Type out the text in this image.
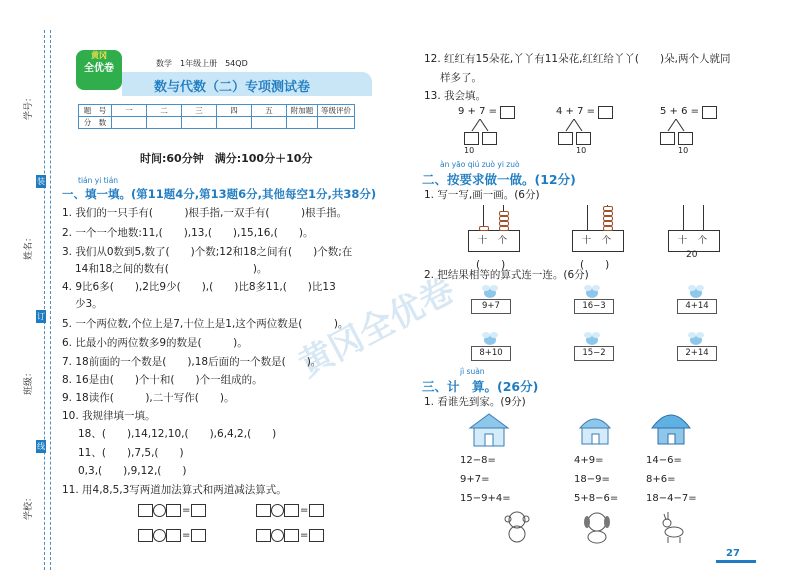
学号：
姓名：
班级：
学校：
装
订
线
黄冈
全优卷	数学　1年级上册　54QD
数与代数（二）专项测试卷
题　号	一	二	三	四	五	附加题	等级评价
分　数							
时间:60分钟　满分:100分＋10分
黄冈全优卷
tián yi tián
一、填一填。(第11题4分,第13题6分,其他每空1分,共38分)
1. 我们的一只手有(　　　)根手指,一双手有(　　　)根手指。
2. 一个一个地数:11,(　　),13,(　　),15,16,(　　)。
3. 我们从0数到5,数了(　　)个数;12和18之间有(　　)个数;在
14和18之间的数有(　　　　　　　　)。
4. 9比6多(　　),2比9少(　　),(　　)比8多11,(　　)比13
少3。
5. 一个两位数,个位上是7,十位上是1,这个两位数是(　　　)。
6. 比最小的两位数多9的数是(　　　)。
7. 18前面的一个数是(　　),18后面的一个数是(　　)。
8. 16是由(　　)个十和(　　)个一组成的。
9. 18读作(　　　),二十写作(　　)。
10. 我规律填一填。
18、(　　),14,12,10,(　　),6,4,2,(　　)
11、(　　),7,5,(　　)
0,3,(　　),9,12,(　　)
11. 用4,8,5,3写两道加法算式和两道减法算式。
=	=
=	=
12. 红红有15朵花,丫丫有11朵花,红红给丫丫(　　)朵,两个人就同
样多了。
13. 我会填。
9 + 7 =
10
4 + 7 =
10
5 + 6 =
10
àn yāo qiú zuò yi zuò
二、按要求做一做。(12分)
1. 写一写,画一画。(6分)
十 个
(　　)
十 个
(　　)
十 个
20
2. 把结果相等的算式连一连。(6分)
9+7	16−3	4+14
8+10	15−2	2+14
jì suàn
三、计　算。(26分)
1. 看谁先到家。(9分)
12−8=
9+7=
15−9+4=
4+9=
18−9=
5+8−6=
14−6=
8+6=
18−4−7=
27
